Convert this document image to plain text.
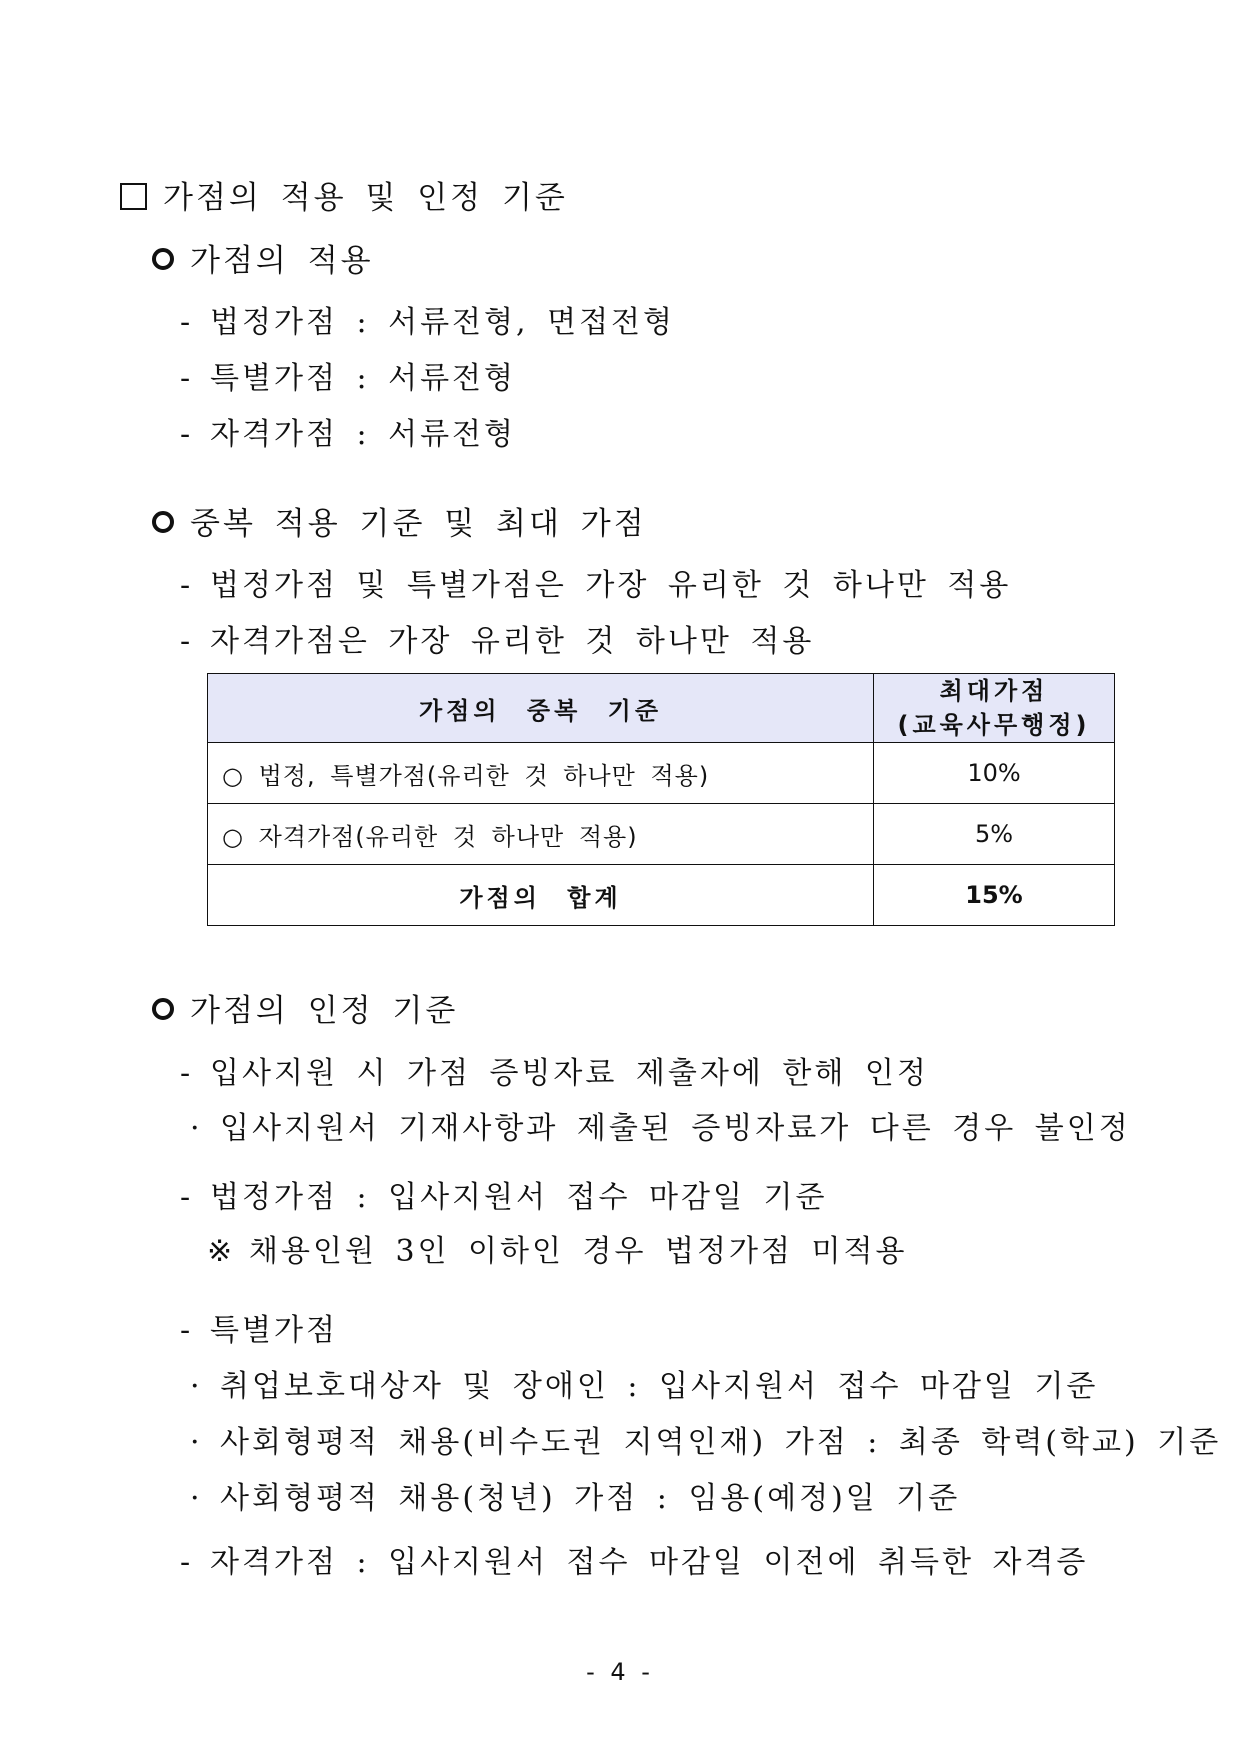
가점의 적용 및 인정 기준
가점의 적용
- 법정가점 : 서류전형, 면접전형
- 특별가점 : 서류전형
- 자격가점 : 서류전형
중복 적용 기준 및 최대 가점
- 법정가점 및 특별가점은 가장 유리한 것 하나만 적용
- 자격가점은 가장 유리한 것 하나만 적용
가점의 중복 기준	최대가점
(교육사무행정)

○ 법정, 특별가점(유리한 것 하나만 적용)	10%
○ 자격가점(유리한 것 하나만 적용)	5%
가점의 합계	15%
가점의 인정 기준
- 입사지원 시 가점 증빙자료 제출자에 한해 인정
· 입사지원서 기재사항과 제출된 증빙자료가 다른 경우 불인정
- 법정가점 : 입사지원서 접수 마감일 기준
※ 채용인원 3인 이하인 경우 법정가점 미적용
- 특별가점
· 취업보호대상자 및 장애인 : 입사지원서 접수 마감일 기준
· 사회형평적 채용(비수도권 지역인재) 가점 : 최종 학력(학교) 기준
· 사회형평적 채용(청년) 가점 : 임용(예정)일 기준
- 자격가점 : 입사지원서 접수 마감일 이전에 취득한 자격증
- 4 -
